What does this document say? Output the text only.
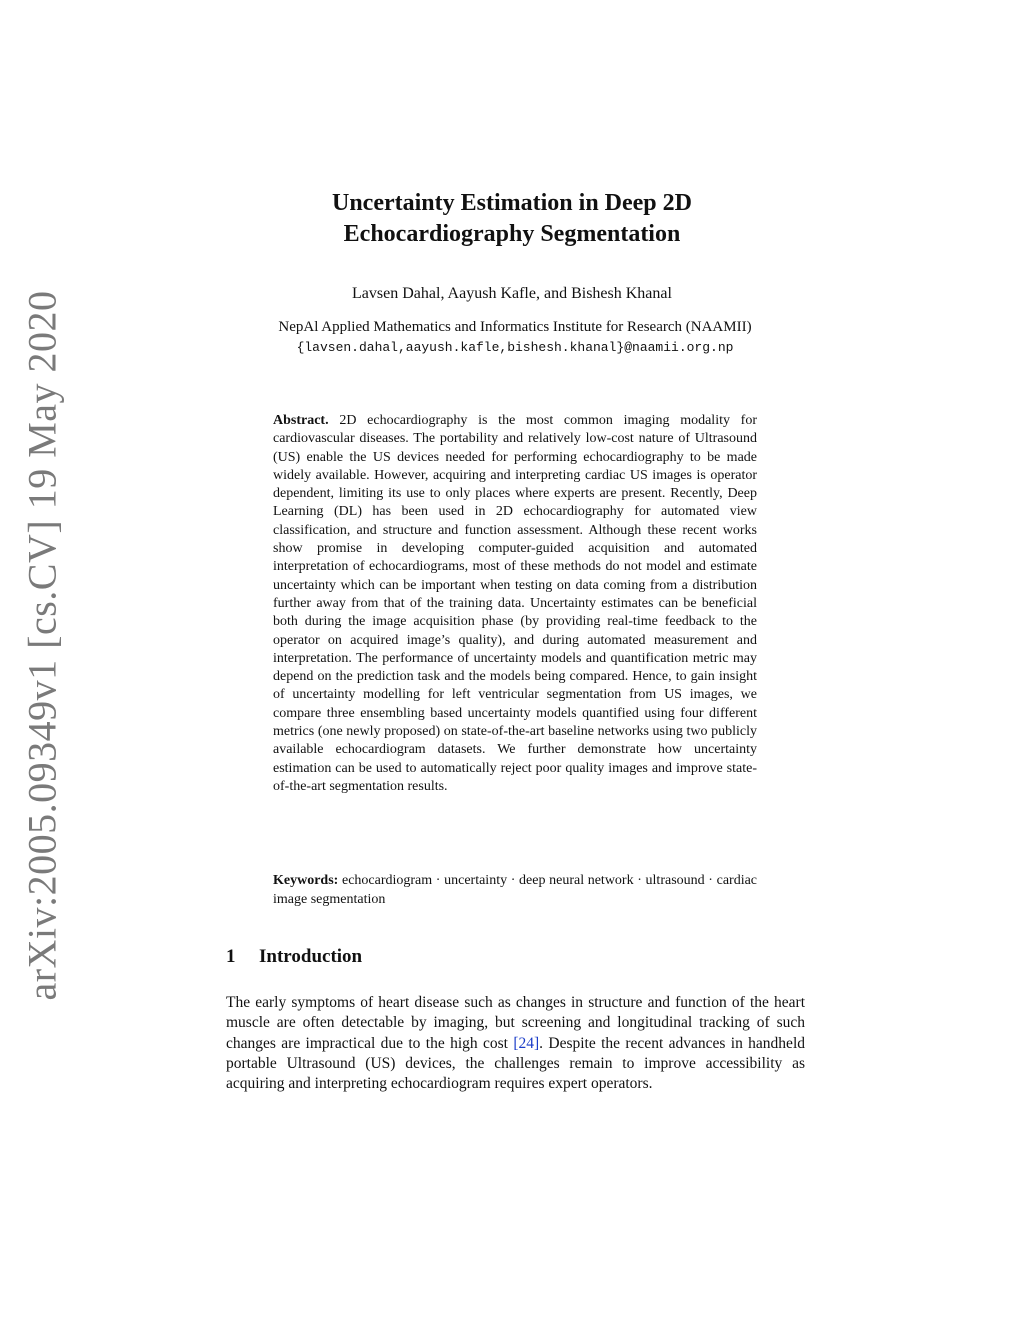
arXiv:2005.09349v1 [cs.CV] 19 May 2020
Uncertainty Estimation in Deep 2D
Echocardiography Segmentation
Lavsen Dahal, Aayush Kafle, and Bishesh Khanal
NepAl Applied Mathematics and Informatics Institute for Research (NAAMII)
{lavsen.dahal,aayush.kafle,bishesh.khanal}@naamii.org.np
Abstract. 2D echocardiography is the most common imaging modality for cardiovascular diseases. The portability and relatively low-cost nature of Ultrasound (US) enable the US devices needed for performing echocardiography to be made widely available. However, acquiring and interpreting cardiac US images is operator dependent, limiting its use to only places where experts are present. Recently, Deep Learning (DL) has been used in 2D echocardiography for automated view classification, and structure and function assessment. Although these recent works show promise in developing computer-guided acquisition and automated interpretation of echocardiograms, most of these methods do not model and estimate uncertainty which can be important when testing on data coming from a distribution further away from that of the training data. Uncertainty estimates can be beneficial both during the image acquisition phase (by providing real-time feedback to the operator on acquired image’s quality), and during automated measurement and interpretation. The performance of uncertainty models and quantification metric may depend on the prediction task and the models being compared. Hence, to gain insight of uncertainty modelling for left ventricular segmentation from US images, we compare three ensembling based uncertainty models quantified using four different metrics (one newly proposed) on state-of-the-art baseline networks using two publicly available echocardiogram datasets. We further demonstrate how uncertainty estimation can be used to automatically reject poor quality images and improve state-of-the-art segmentation results.
Keywords: echocardiogram · uncertainty · deep neural network · ultrasound · cardiac image segmentation
1 Introduction
The early symptoms of heart disease such as changes in structure and function of the heart muscle are often detectable by imaging, but screening and longitudinal tracking of such changes are impractical due to the high cost [24]. Despite the recent advances in handheld portable Ultrasound (US) devices, the challenges remain to improve accessibility as acquiring and interpreting echocardiogram requires expert operators.
